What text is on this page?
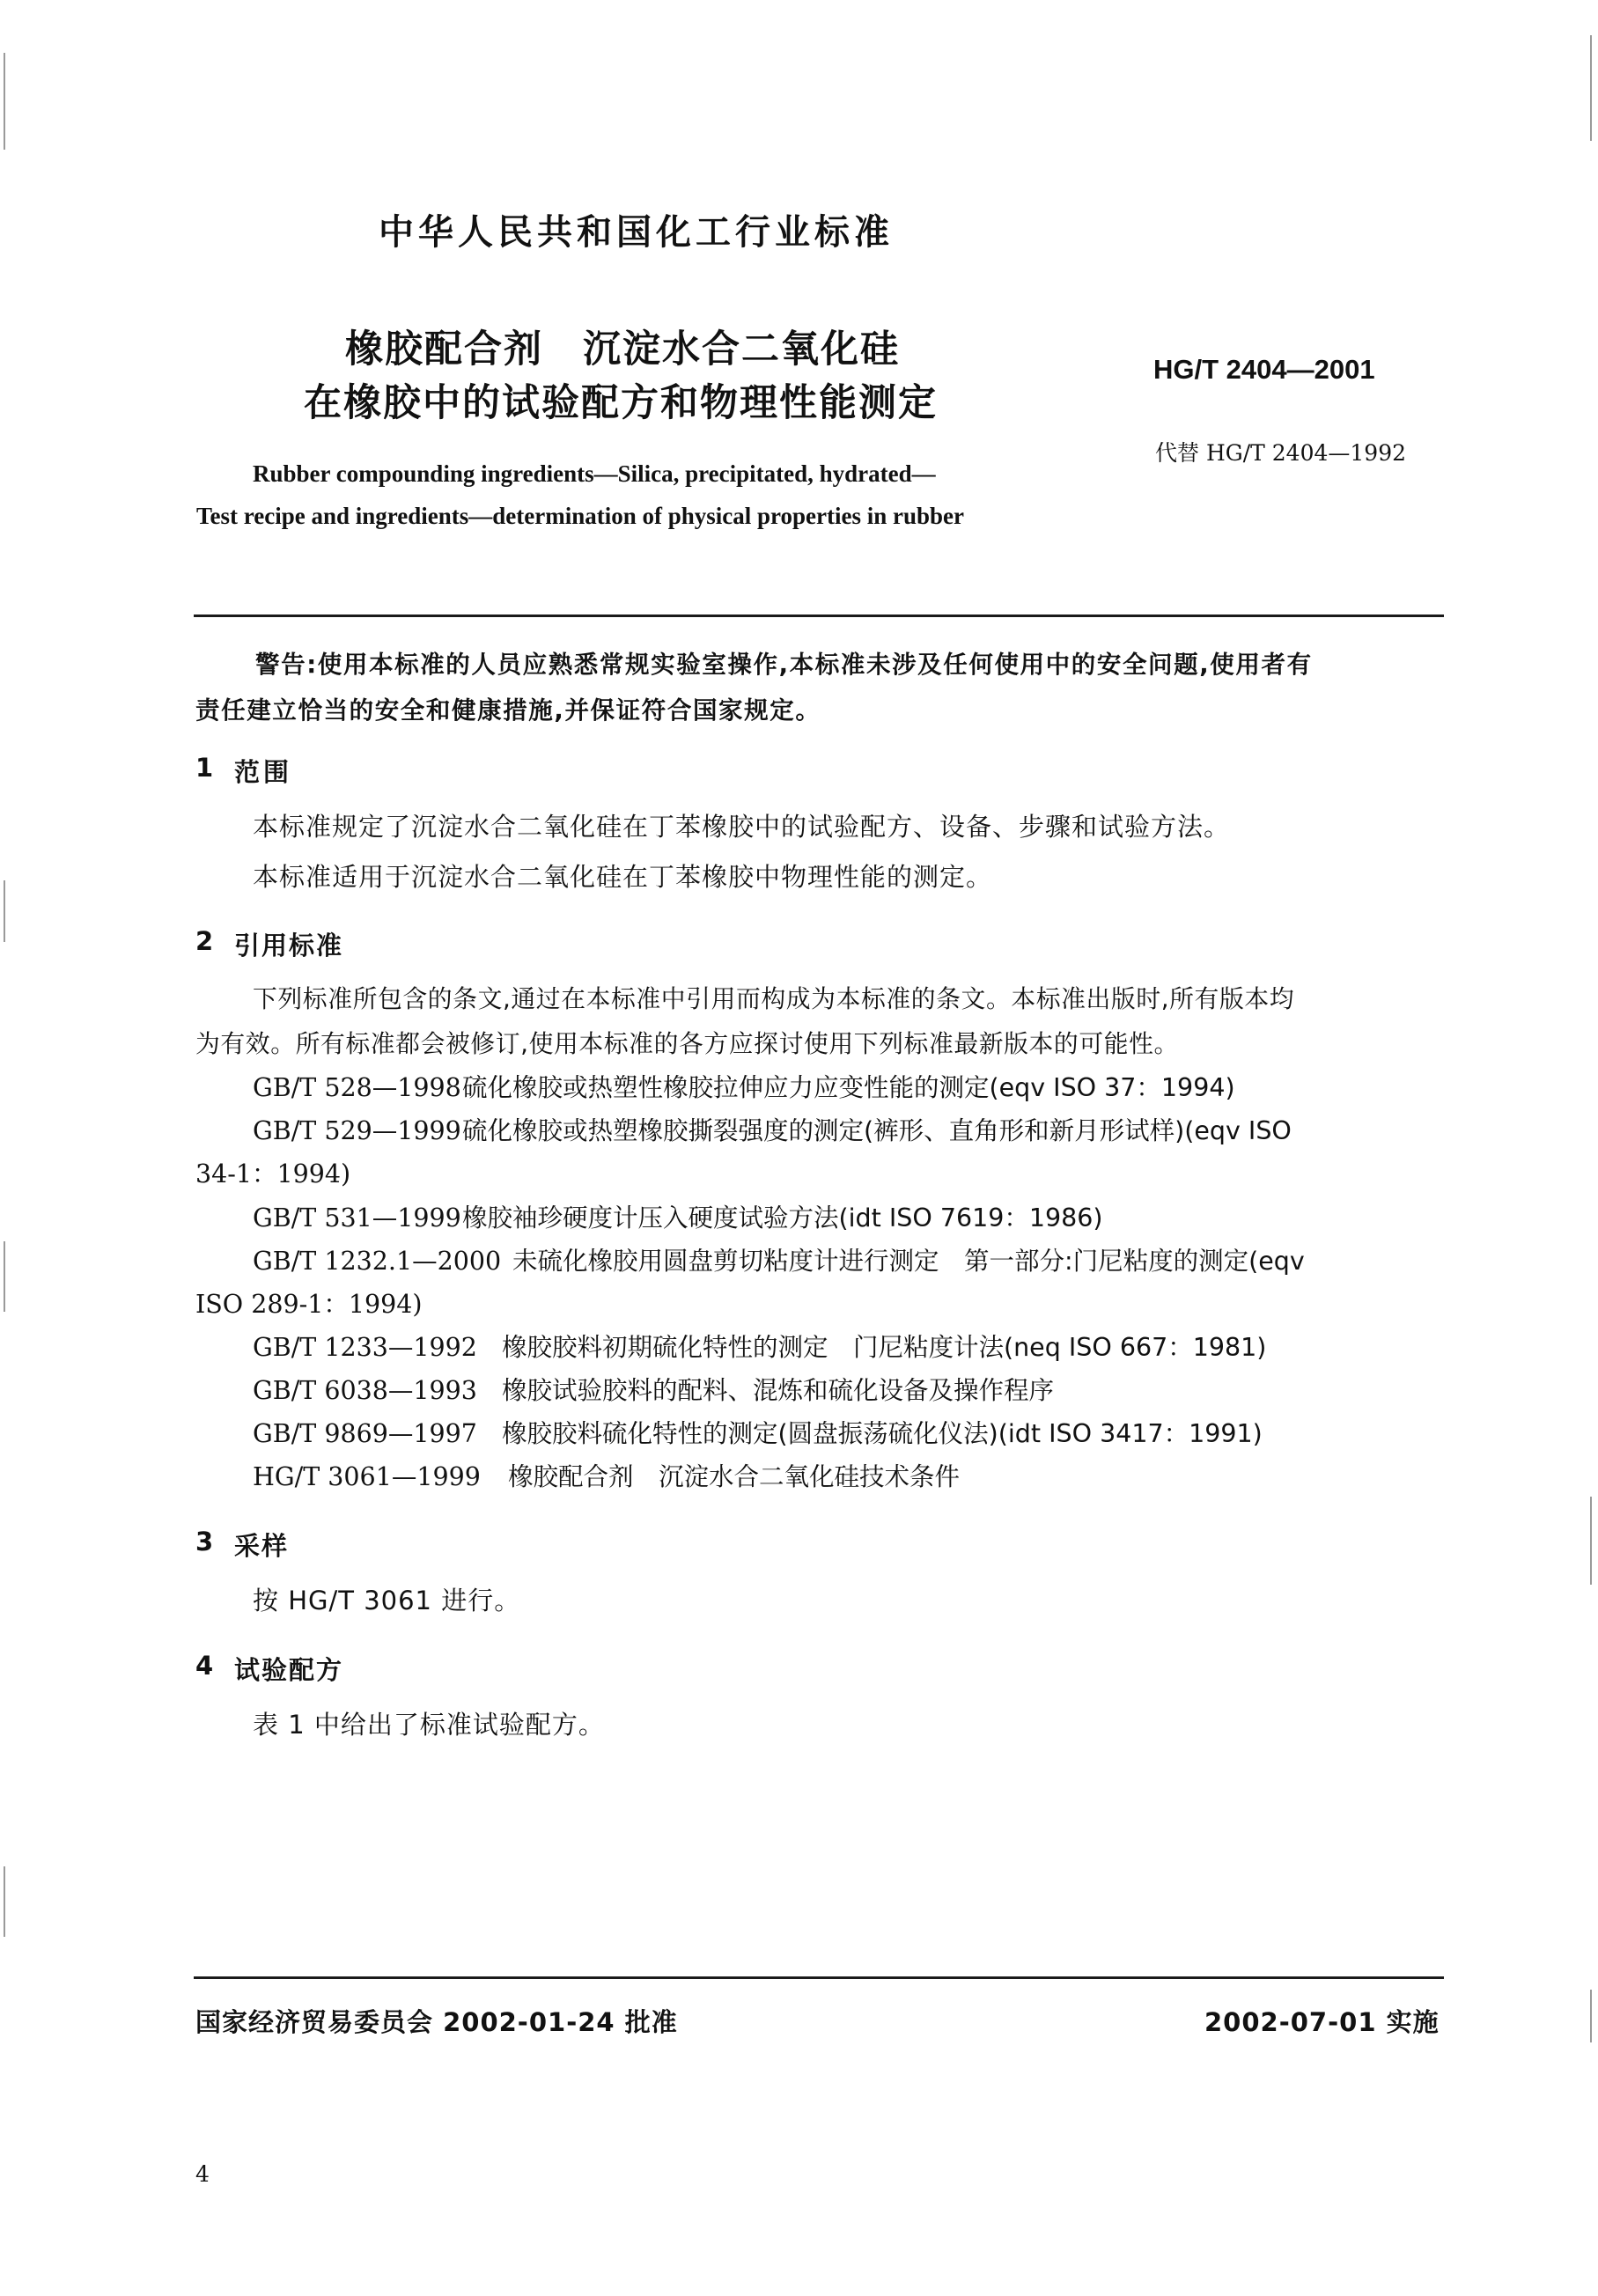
中华人民共和国化工行业标准
橡胶配合剂　沉淀水合二氧化硅
在橡胶中的试验配方和物理性能测定
HG/T 2404—2001
代替 HG/T 2404—1992
Rubber compounding ingredients—Silica, precipitated, hydrated—
Test recipe and ingredients—determination of physical properties in rubber
警告:使用本标准的人员应熟悉常规实验室操作,本标准未涉及任何使用中的安全问题,使用者有
责任建立恰当的安全和健康措施,并保证符合国家规定。
1 范围
本标准规定了沉淀水合二氧化硅在丁苯橡胶中的试验配方、设备、步骤和试验方法。
本标准适用于沉淀水合二氧化硅在丁苯橡胶中物理性能的测定。
2 引用标准
下列标准所包含的条文,通过在本标准中引用而构成为本标准的条文。本标准出版时,所有版本均
为有效。所有标准都会被修订,使用本标准的各方应探讨使用下列标准最新版本的可能性。
GB/T 528—1998硫化橡胶或热塑性橡胶拉伸应力应变性能的测定(eqv ISO 37：1994)
GB/T 529—1999硫化橡胶或热塑橡胶撕裂强度的测定(裤形、直角形和新月形试样)(eqv ISO
34-1：1994)
GB/T 531—1999橡胶袖珍硬度计压入硬度试验方法(idt ISO 7619：1986)
GB/T 1232.1—2000 未硫化橡胶用圆盘剪切粘度计进行测定　第一部分:门尼粘度的测定(eqv
ISO 289-1：1994)
GB/T 1233—1992 橡胶胶料初期硫化特性的测定　门尼粘度计法(neq ISO 667：1981)
GB/T 6038—1993 橡胶试验胶料的配料、混炼和硫化设备及操作程序
GB/T 9869—1997 橡胶胶料硫化特性的测定(圆盘振荡硫化仪法)(idt ISO 3417：1991)
HG/T 3061—1999 橡胶配合剂　沉淀水合二氧化硅技术条件
3 采样
按 HG/T 3061 进行。
4 试验配方
表 1 中给出了标准试验配方。
国家经济贸易委员会 2002-01-24 批准	2002-07-01 实施
4
